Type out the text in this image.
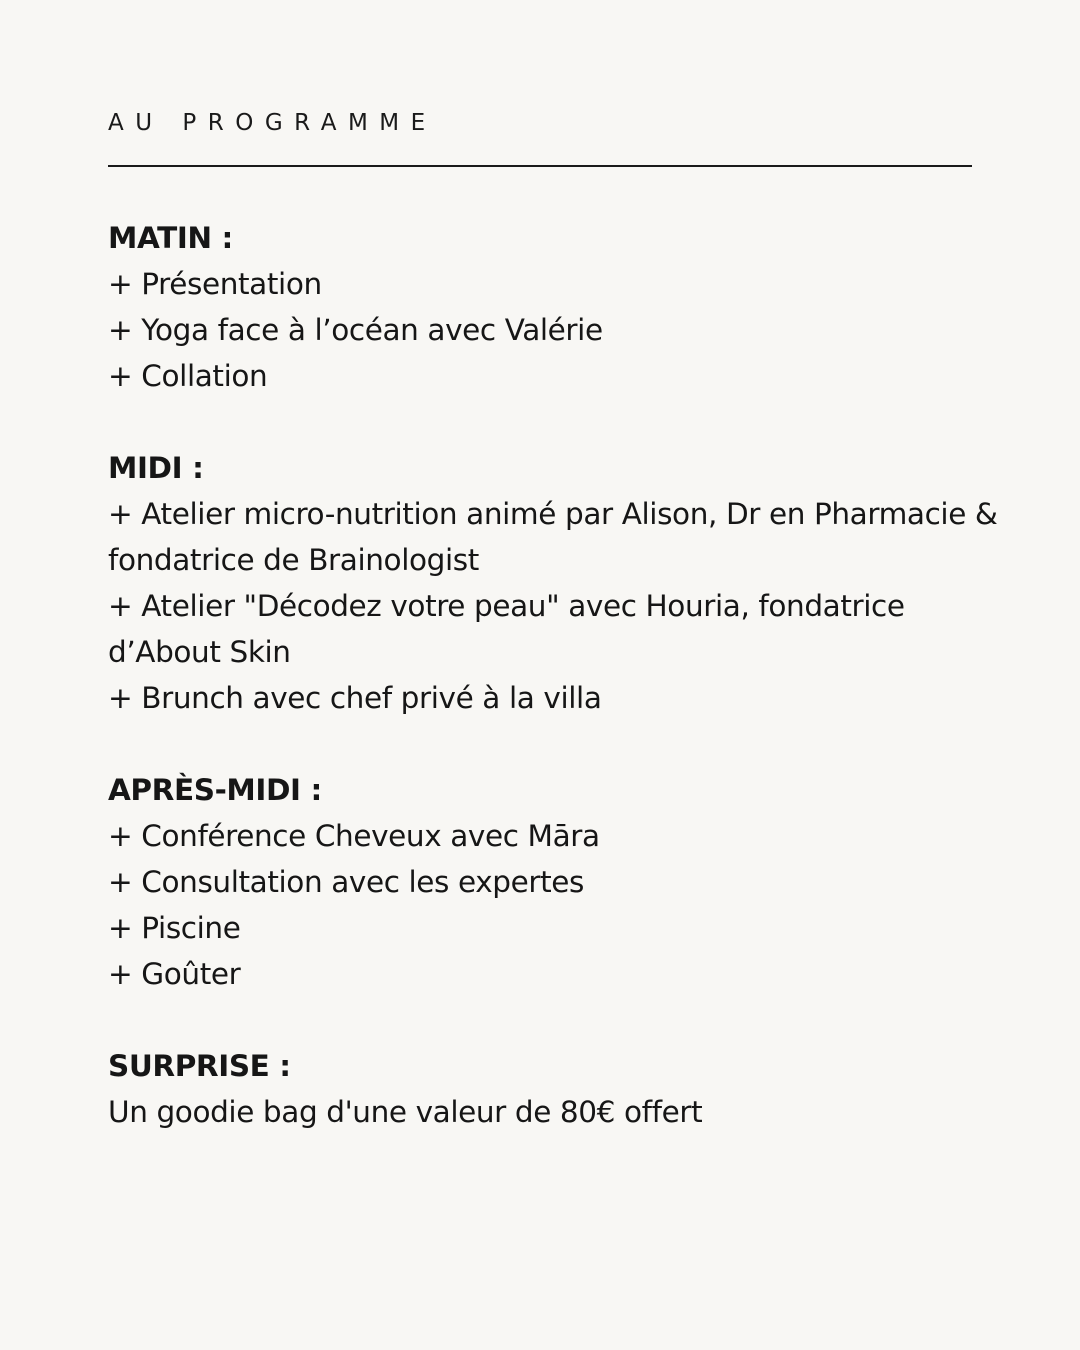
AU PROGRAMME
MATIN :
+ Présentation
+ Yoga face à l’océan avec Valérie
+ Collation
MIDI :
+ Atelier micro-nutrition animé par Alison, Dr en Pharmacie &
fondatrice de Brainologist
+ Atelier "Décodez votre peau" avec Houria, fondatrice
d’About Skin
+ Brunch avec chef privé à la villa
APRÈS-MIDI :
+ Conférence Cheveux avec Māra
+ Consultation avec les expertes
+ Piscine
+ Goûter
SURPRISE :
Un goodie bag d'une valeur de 80€ offert
